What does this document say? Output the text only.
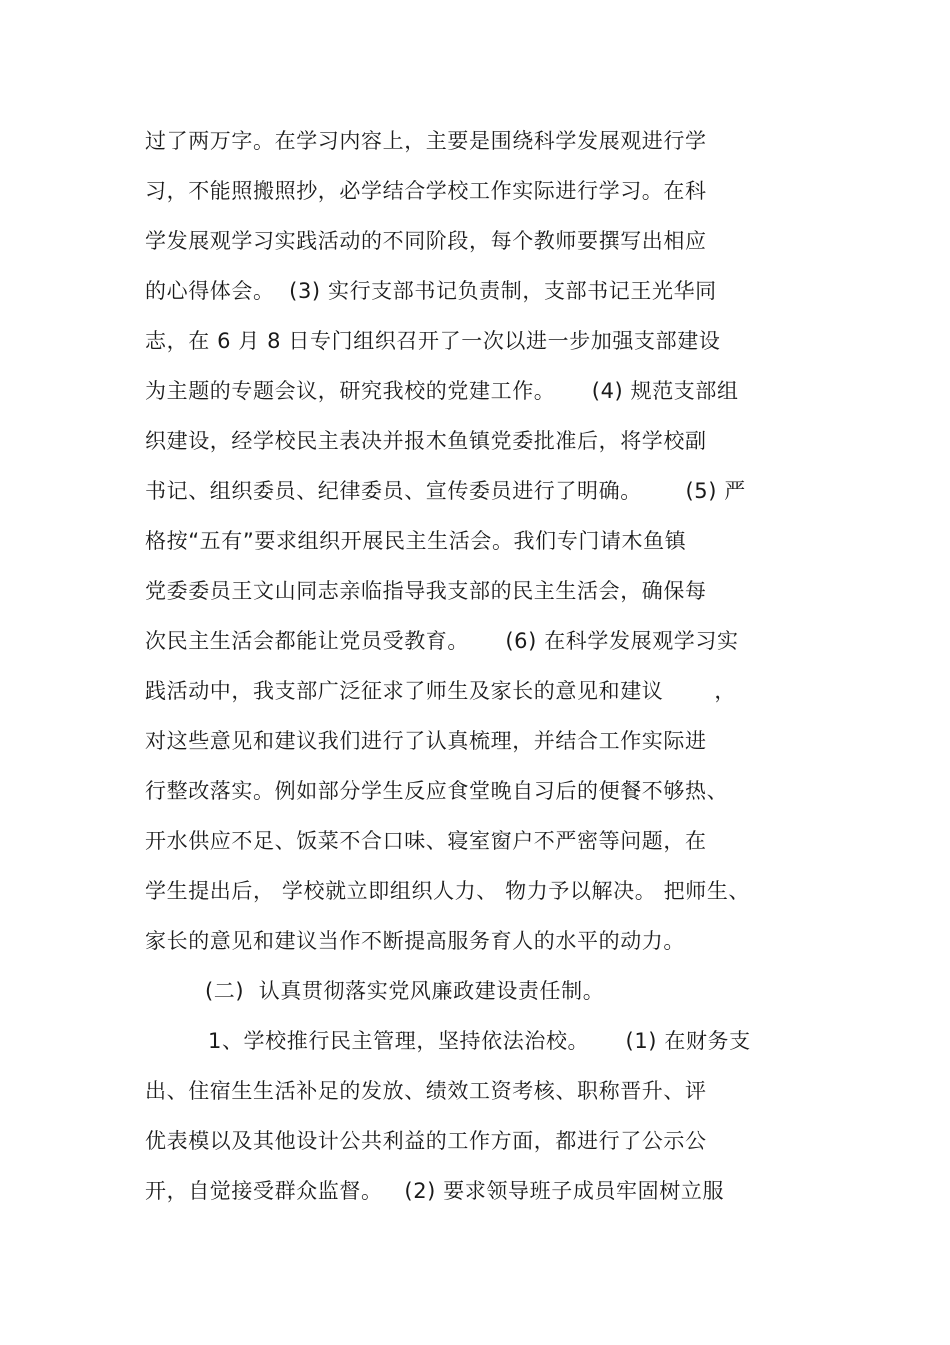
过了两万字。在学习内容上，主要是围绕科学发展观进行学
习，不能照搬照抄，必学结合学校工作实际进行学习。在科
学发展观学习实践活动的不同阶段，每个教师要撰写出相应
的心得体会。  (3) 实行支部书记负责制，支部书记王光华同
志，在 6 月 8 日专门组织召开了一次以进一步加强支部建设
为主题的专题会议，研究我校的党建工作。     (4) 规范支部组
织建设，经学校民主表决并报木鱼镇党委批准后，将学校副
书记、组织委员、纪律委员、宣传委员进行了明确。      (5) 严
格按“五有”要求组织开展民主生活会。我们专门请木鱼镇
党委委员王文山同志亲临指导我支部的民主生活会，确保每
次民主生活会都能让党员受教育。     (6) 在科学发展观学习实
践活动中，我支部广泛征求了师生及家长的意见和建议       ，
对这些意见和建议我们进行了认真梳理，并结合工作实际进
行整改落实。例如部分学生反应食堂晚自习后的便餐不够热、
开水供应不足、饭菜不合口味、寝室窗户不严密等问题，在
学生提出后， 学校就立即组织人力、 物力予以解决。 把师生、
家长的意见和建议当作不断提高服务育人的水平的动力。
(二)  认真贯彻落实党风廉政建设责任制。
1、学校推行民主管理，坚持依法治校。     (1) 在财务支
出、住宿生生活补足的发放、绩效工资考核、职称晋升、评
优表模以及其他设计公共利益的工作方面，都进行了公示公
开，自觉接受群众监督。   (2) 要求领导班子成员牢固树立服
